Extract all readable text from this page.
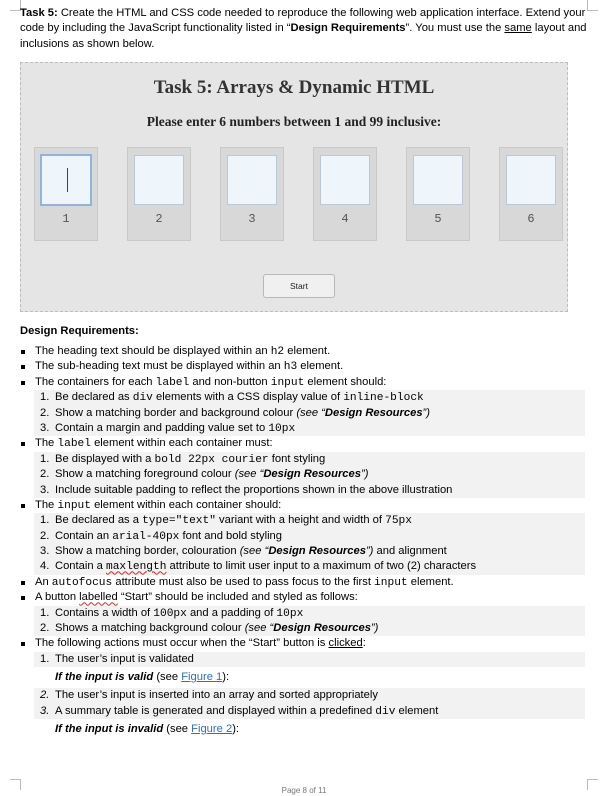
Task 5: Create the HTML and CSS code needed to reproduce the following web application interface. Extend your code by including the JavaScript functionality listed in “Design Requirements”. You must use the same layout and inclusions as shown below.
Task 5: Arrays & Dynamic HTML
Please enter 6 numbers between 1 and 99 inclusive:
1	2	3	4	5	6
Start
Design Requirements:
The heading text should be displayed within an h2 element.
The sub-heading text must be displayed within an h3 element.
The containers for each label and non-button input element should:
1. Be declared as div elements with a CSS display value of inline-block
2. Show a matching border and background colour (see “Design Resources”)
3. Contain a margin and padding value set to 10px
The label element within each container must:
1. Be displayed with a bold 22px courier font styling
2. Show a matching foreground colour (see “Design Resources”)
3. Include suitable padding to reflect the proportions shown in the above illustration
The input element within each container should:
1. Be declared as a type="text" variant with a height and width of 75px
2. Contain an arial-40px font and bold styling
3. Show a matching border, colouration (see “Design Resources”) and alignment
4. Contain a maxlength attribute to limit user input to a maximum of two (2) characters
An autofocus attribute must also be used to pass focus to the first input element.
A button labelled “Start” should be included and styled as follows:
1. Contains a width of 100px and a padding of 10px
2. Shows a matching background colour (see “Design Resources”)
The following actions must occur when the “Start” button is clicked:
1. The user’s input is validated
If the input is valid (see Figure 1):
2. The user’s input is inserted into an array and sorted appropriately
3. A summary table is generated and displayed within a predefined div element
If the input is invalid (see Figure 2):
Page 8 of 11
